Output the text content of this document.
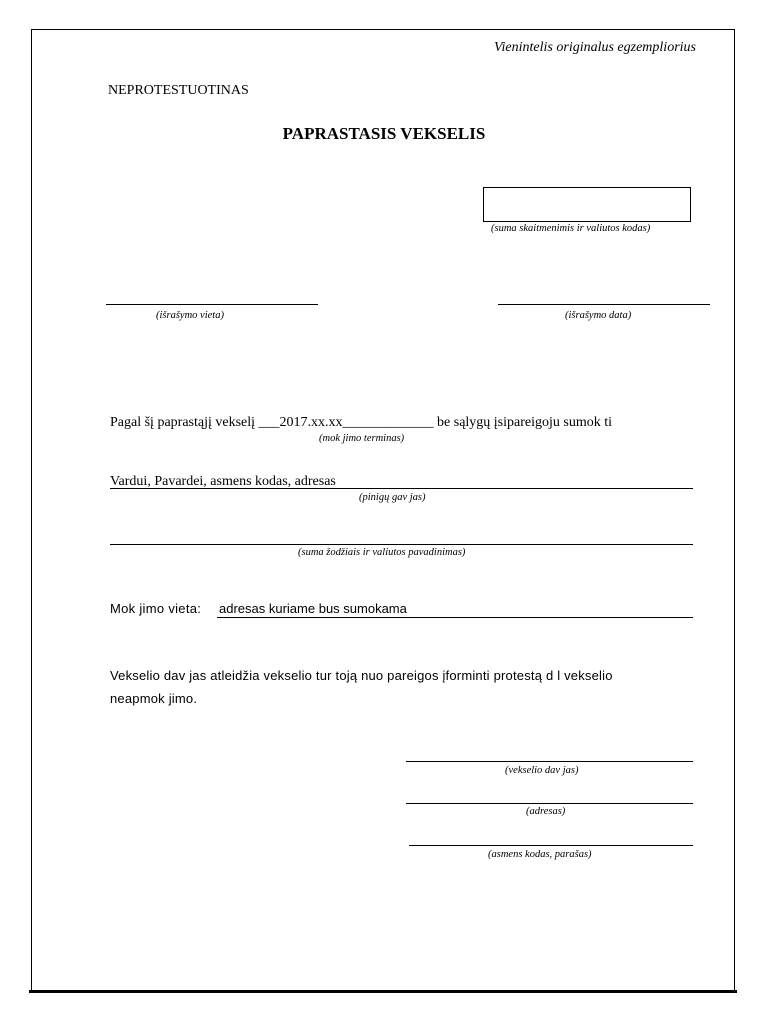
Vienintelis originalus egzempliorius
NEPROTESTUOTINAS
PAPRASTASIS VEKSELIS
(suma skaitmenimis ir valiutos kodas)
(išrašymo vieta)	(išrašymo data)
Pagal šį paprastąjį vekselį ___2017.xx.xx_____________ be sąlygų įsipareigoju sumok ti
(mok jimo terminas)
Vardui, Pavardei, asmens kodas, adresas
(pinigų gav jas)
(suma žodžiais ir valiutos pavadinimas)
Mok jimo vieta: adresas kuriame bus sumokama
Vekselio dav jas atleidžia vekselio tur toją nuo pareigos įforminti protestą d l vekselio
neapmok jimo.
(vekselio dav jas)
(adresas)
(asmens kodas, parašas)
